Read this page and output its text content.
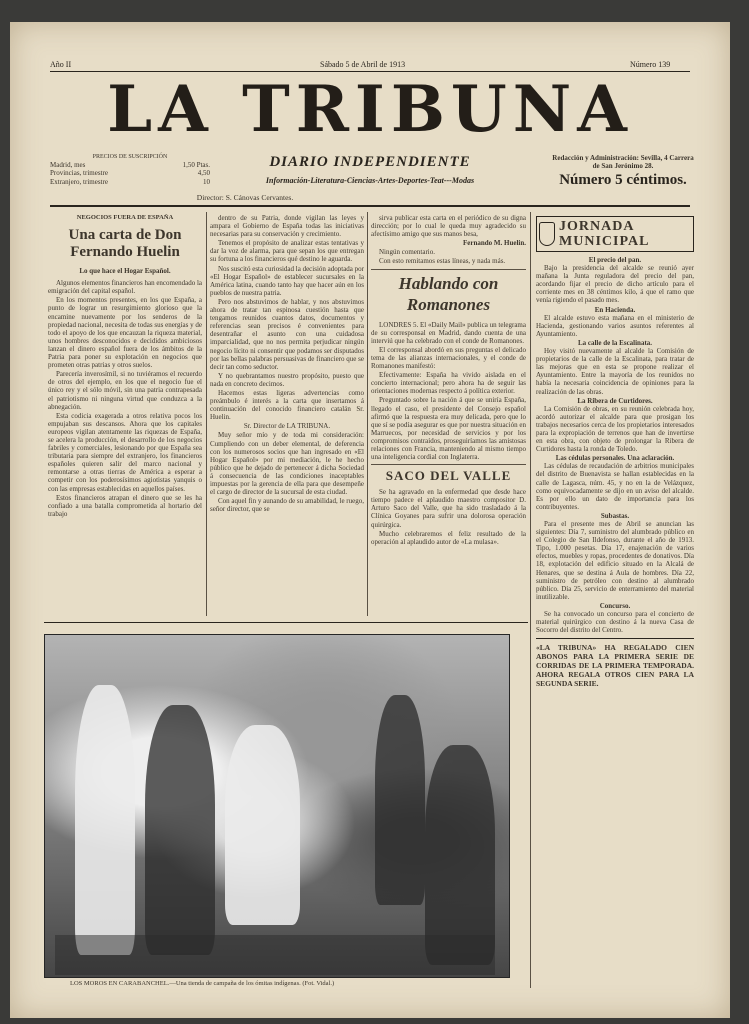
Año II	Sábado 5 de Abril de 1913	Número 139
LA TRIBUNA
PRECIOS DE SUSCRIPCIÓN
Madrid, mes	1,50 Ptas.
Provincias, trimestre	4,50
Extranjero, trimestre	10
DIARIO INDEPENDIENTE
Información-Literatura-Ciencias-Artes-Deportes-Teat---Modas
Redacción y Administración: Sevilla, 4 Carrera de San Jerónimo 28.
Número 5 céntimos.
Director: S. Cánovas Cervantes.
NEGOCIOS FUERA DE ESPAÑA
Una carta de Don Fernando Huelin
Lo que hace el Hogar Español.

Algunos elementos financieros han encomendado la emigración del capital español.

En los momentos presentes, en los que España, a punto de lograr un resurgimiento glorioso que la encamine nuevamente por los senderos de la propiedad nacional, necesita de todas sus energías y de todo el apoyo de los que encauzan la riqueza material, unos hombres desconocidos e decididos ambiciosos lanzan el dinero español fuera de los ámbitos de la Patria para poner su explotación en negocios que prometen otras patrias y otros suelos.

Parecería inverosímil, si no tuviéramos el recuerdo de otros del ejemplo, en los que el negocio fue el único rey y el sólo móvil, sin una patria contrapesada el patriotismo ni ninguna virtud que conduzca a la abnegación.

Esta codicia exagerada a otros relativa pocos los empujaban sus descansos. Ahora que los capitales europeos vigilan atentamente las riquezas de España, se acelera la producción, el desarrollo de los negocios fabriles y comerciales, lesionando por que España sea tributaria para siempre del extranjero, los financieros españoles quieren salir del marco nacional y remontarse a otras tierras de América a esperar a competir con los poderosísimos agiotistas yanquis o con las empresas establecidas en aquellos países.

Estos financieros atrapan el dinero que se les ha confiado a una batalla comprometida al hortario del trabajo

dentro de su Patria, donde vigilan las leyes y ampara el Gobierno de España todas las iniciativas necesarias para su conservación y crecimiento.

Tenemos el propósito de analizar estas tentativas y dar la voz de alarma, para que sepan los que entregan su fortuna a los financieros qué destino le aguarda.

Nos suscitó esta curiosidad la decisión adoptada por «El Hogar Español» de establecer sucursales en la América latina, cuando tanto hay que hacer aún en los pueblos de nuestra patria.

Pero nos abstuvimos de hablar, y nos abstuvimos ahora de tratar tan espinosa cuestión hasta que tengamos reunidos cuantos datos, documentos y referencias sean precisos é convenientes para desentrañar el asunto con una cuidadosa imparcialidad, que no nos permita perjudicar ningún negocio lícito ni consentir que podamos ser disputados por las bellas palabras persuasivas de financiero que se decir tan como seductor.

Y no quebrantamos nuestro propósito, puesto que nada en concreto decimos.

Hacemos estas ligeras advertencias como preámbulo é interés a la carta que insertamos á continuación del conocido financiero catalán Sr. Huelin.

Sr. Director de LA TRIBUNA.

Muy señor mío y de toda mi consideración: Cumpliendo con un deber elemental, de deferencia con los numerosos socios que han ingresado en «El Hogar Español» por mi mediación, le he hecho público que he dejado de pertenecer á dicha Sociedad á consecuencia de las condiciones inaceptables impuestas por la gerencia de ella para que desempeñe el cargo de director de la sucursal de esta ciudad.

Con aquel fin y aunando de su amabilidad, le ruego, señor director, que se

sirva publicar esta carta en el periódico de su digna dirección; por lo cual le queda muy agradecido su afectísimo amigo que sus manos besa,

Fernando M. Huelin.

Ningún comentario.

Con esto remitamos estas líneas, y nada más.

Hablando con Romanones

LONDRES 5. El «Daily Mail» publica un telegrama de su corresponsal en Madrid, dando cuenta de una interviú que ha celebrado con el conde de Romanones.

El corresponsal abordó en sus preguntas el delicado tema de las alianzas internacionales, y el conde de Romanones manifestó:

Efectivamente: España ha vivido aislada en el concierto internacional; pero ahora ha de seguir las orientaciones modernas respecto á política exterior.

Preguntado sobre la nación á que se uniría España, llegado el caso, el presidente del Consejo español afirmó que la respuesta era muy delicada, pero que lo que sí se podía asegurar es que por nuestra situación en Marruecos, por necesidad de servicios y por los compromisos contraídos, proseguiríamos las amistosas relaciones con Francia, manteniendo al mismo tiempo una inteligencia cordial con Inglaterra.

SACO DEL VALLE

Se ha agravado en la enfermedad que desde hace tiempo padece el aplaudido maestro compositor D. Arturo Saco del Valle, que ha sido trasladado á la Clínica Goyanes para sufrir una dolorosa operación quirúrgica.

Mucho celebraremos el feliz resultado de la operación al aplaudido autor de «La mulasa».

JORNADA MUNICIPAL
El precio del pan.

Bajo la presidencia del alcalde se reunió ayer mañana la Junta reguladora del precio del pan, acordando fijar el precio de dicho artículo para el corriente mes en 38 céntimos kilo, á que el ramo que venía rigiendo el pasado mes.

En Hacienda.

El alcalde estuvo esta mañana en el ministerio de Hacienda, gestionando varios asuntos referentes al Ayuntamiento.

La calle de la Escalinata.

Hoy visitó nuevamente al alcalde la Comisión de propietarios de la calle de la Escalinata, para tratar de las mejoras que en esta se propone realizar el Ayuntamiento. Entre la mayoría de los reunidos no había la necesaria coincidencia de opiniones para la realización de las obras.

La Ribera de Curtidores.

La Comisión de obras, en su reunión celebrada hoy, acordó autorizar el alcalde para que prosigan los trabajos necesarios cerca de los propietarios interesados para la expropiación de terrenos que han de invertirse en esta obra, con objeto de prolongar la Ribera de Curtidores hasta la ronda de Toledo.

Las cédulas personales. Una aclaración.

Las cédulas de recaudación de arbitrios municipales del distrito de Buenavista se hallan establecidas en la calle de Lagasca, núm. 45, y no en la de Velázquez, como equivocadamente se dijo en un aviso del alcalde. Es por ello un dato de importancia para los contribuyentes.

Subastas.

Para el presente mes de Abril se anuncian las siguientes: Día 7, suministro del alumbrado público en el Colegio de San Ildefonso, durante el año de 1913. Tipo, 1.000 pesetas. Día 17, enajenación de varios efectos, muebles y ropas, procedentes de donativos. Día 18, explotación del edificio situado en la Alcalá de Henares, que se destina á Aula de hombres. Día 22, suministro de petróleo con destino al alumbrado público. Día 25, servicio de enterramiento del material inutilizable.

Concurso.

Se ha convocado un concurso para el concierto de material quirúrgico con destino á la nueva Casa de Socorro del distrito del Centro.

«LA TRIBUNA» HA REGALADO CIEN ABONOS PARA LA PRIMERA SERIE DE CORRIDAS DE LA PRIMERA TEMPORADA. AHORA REGALA OTROS CIEN PARA LA SEGUNDA SERIE.
LOS MOROS EN CARABANCHEL.—Una tienda de campaña de los ómitas indígenas. (Fot. Vidal.)
